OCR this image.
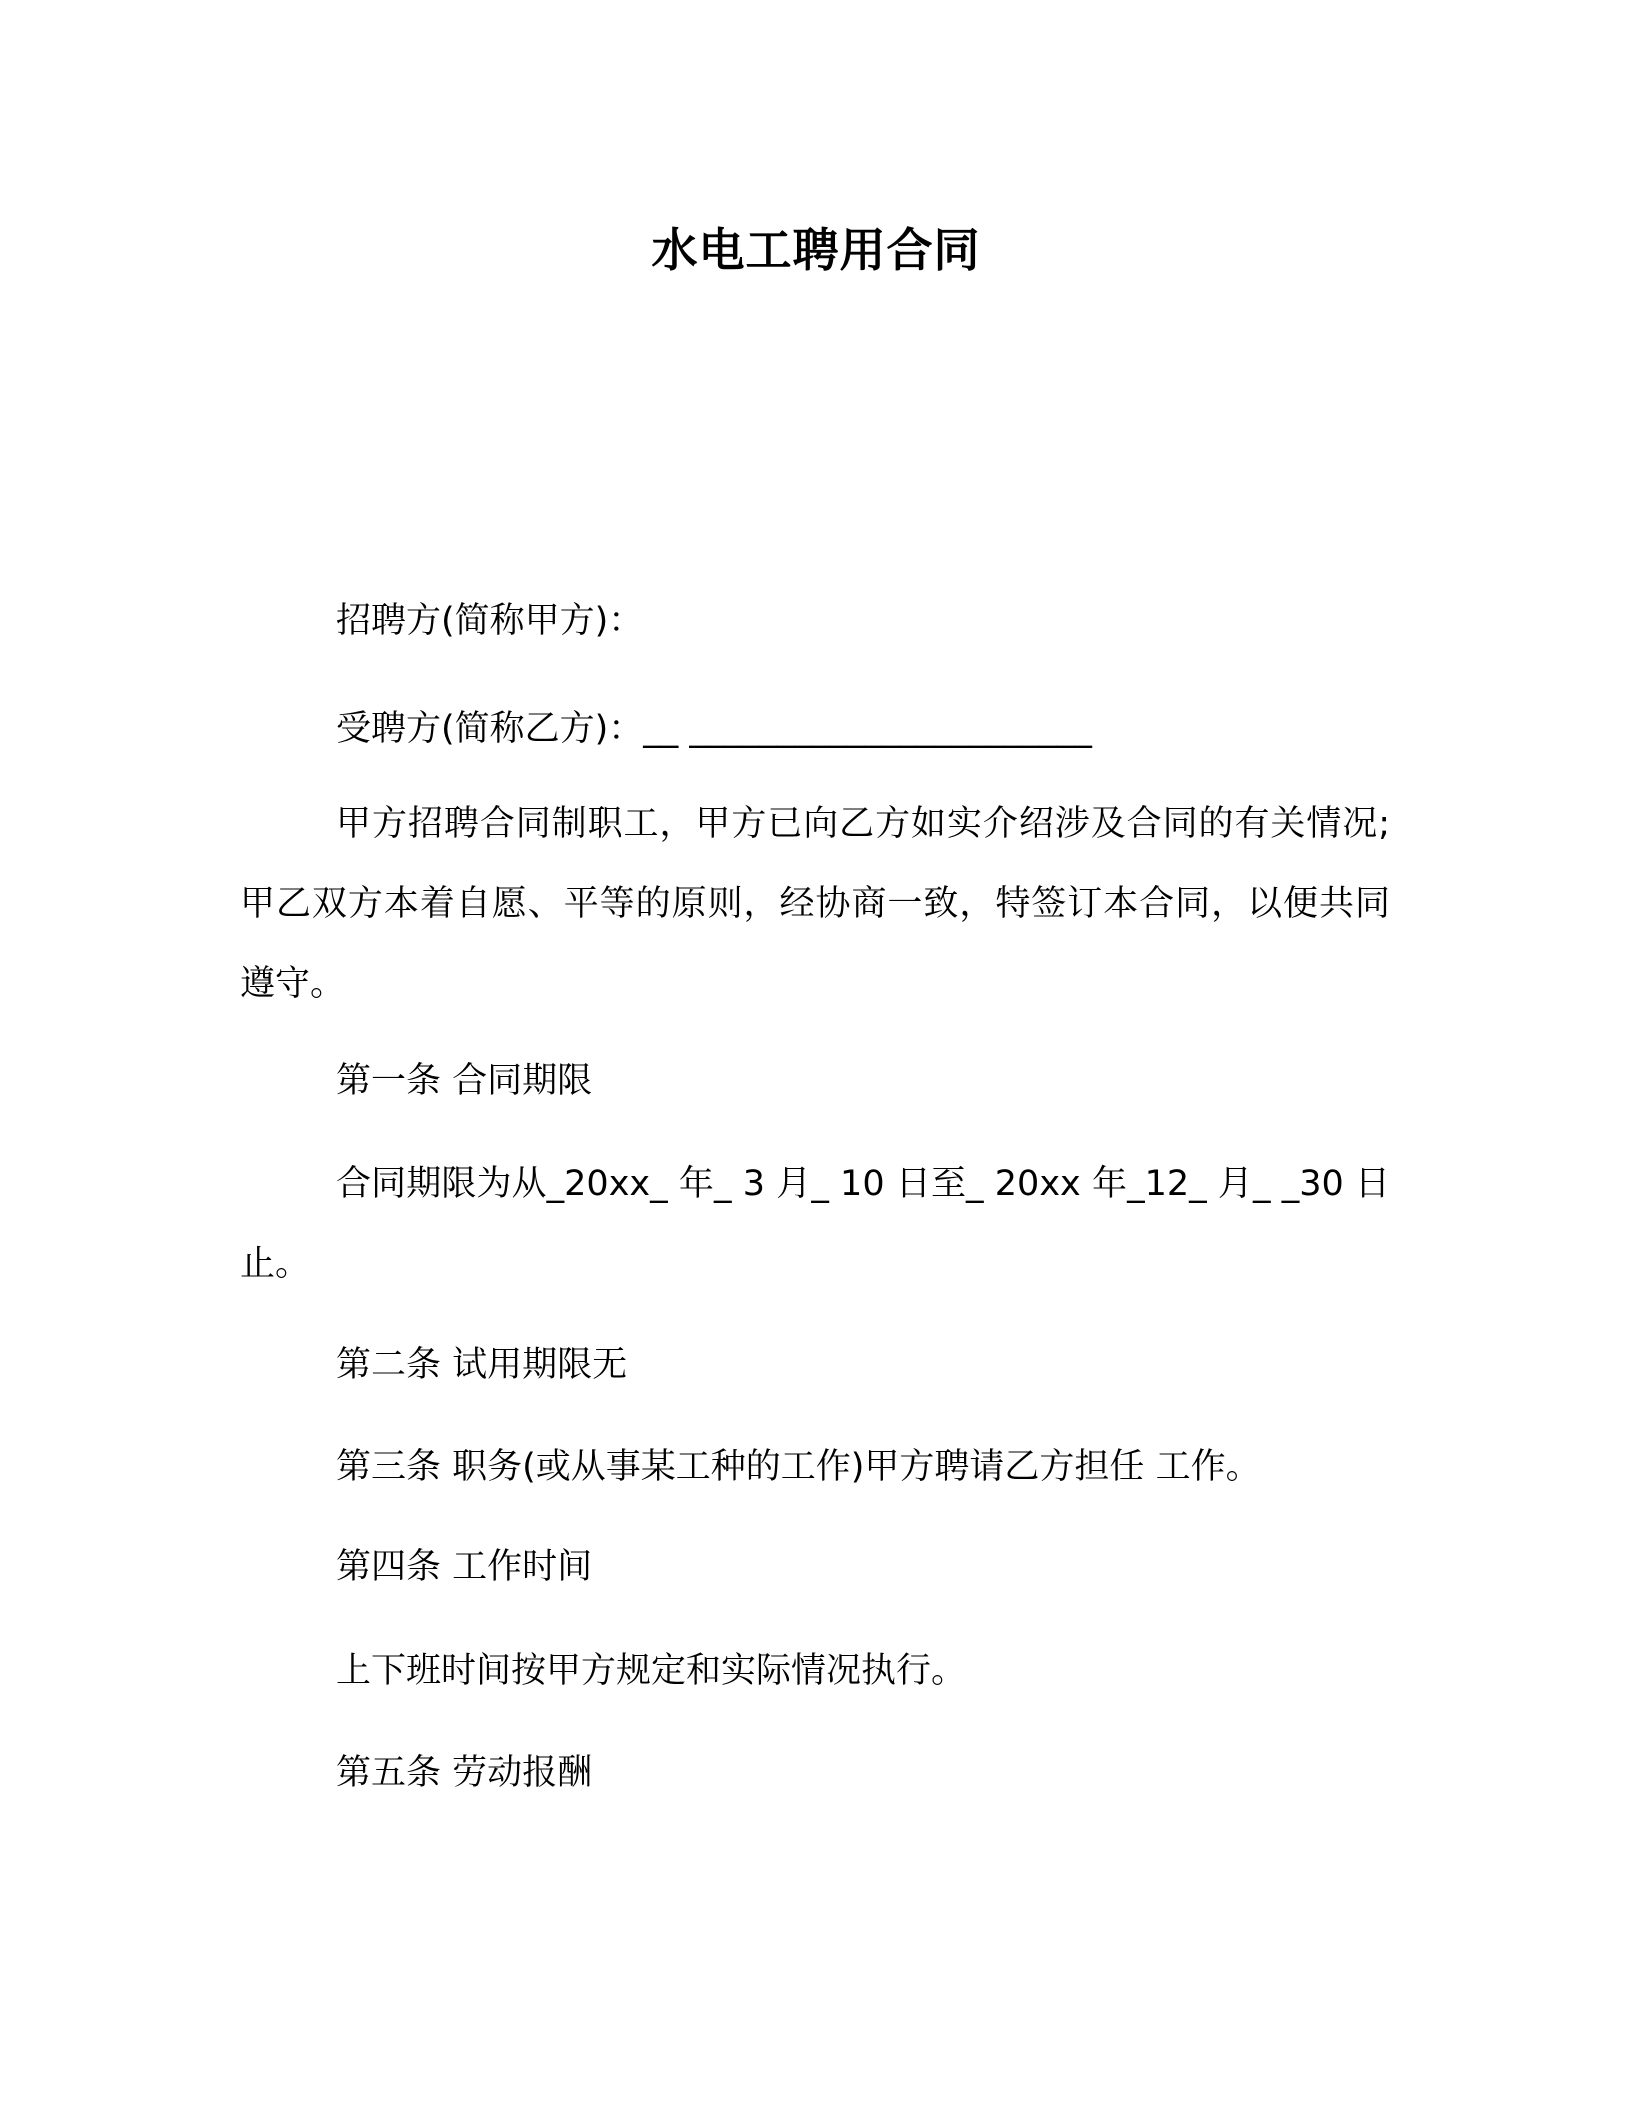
水电工聘用合同
招聘方(简称甲方)：
受聘方(简称乙方)：__ _______________________
甲方招聘合同制职工，甲方已向乙方如实介绍涉及合同的有关情况;甲乙双方本着自愿、平等的原则，经协商一致，特签订本合同，以便共同遵守。
第一条 合同期限
合同期限为从_20xx_ 年_ 3 月_ 10 日至_ 20xx 年_12_ 月_ _30 日止。
第二条 试用期限无
第三条 职务(或从事某工种的工作)甲方聘请乙方担任 工作。
第四条 工作时间
上下班时间按甲方规定和实际情况执行。
第五条 劳动报酬
